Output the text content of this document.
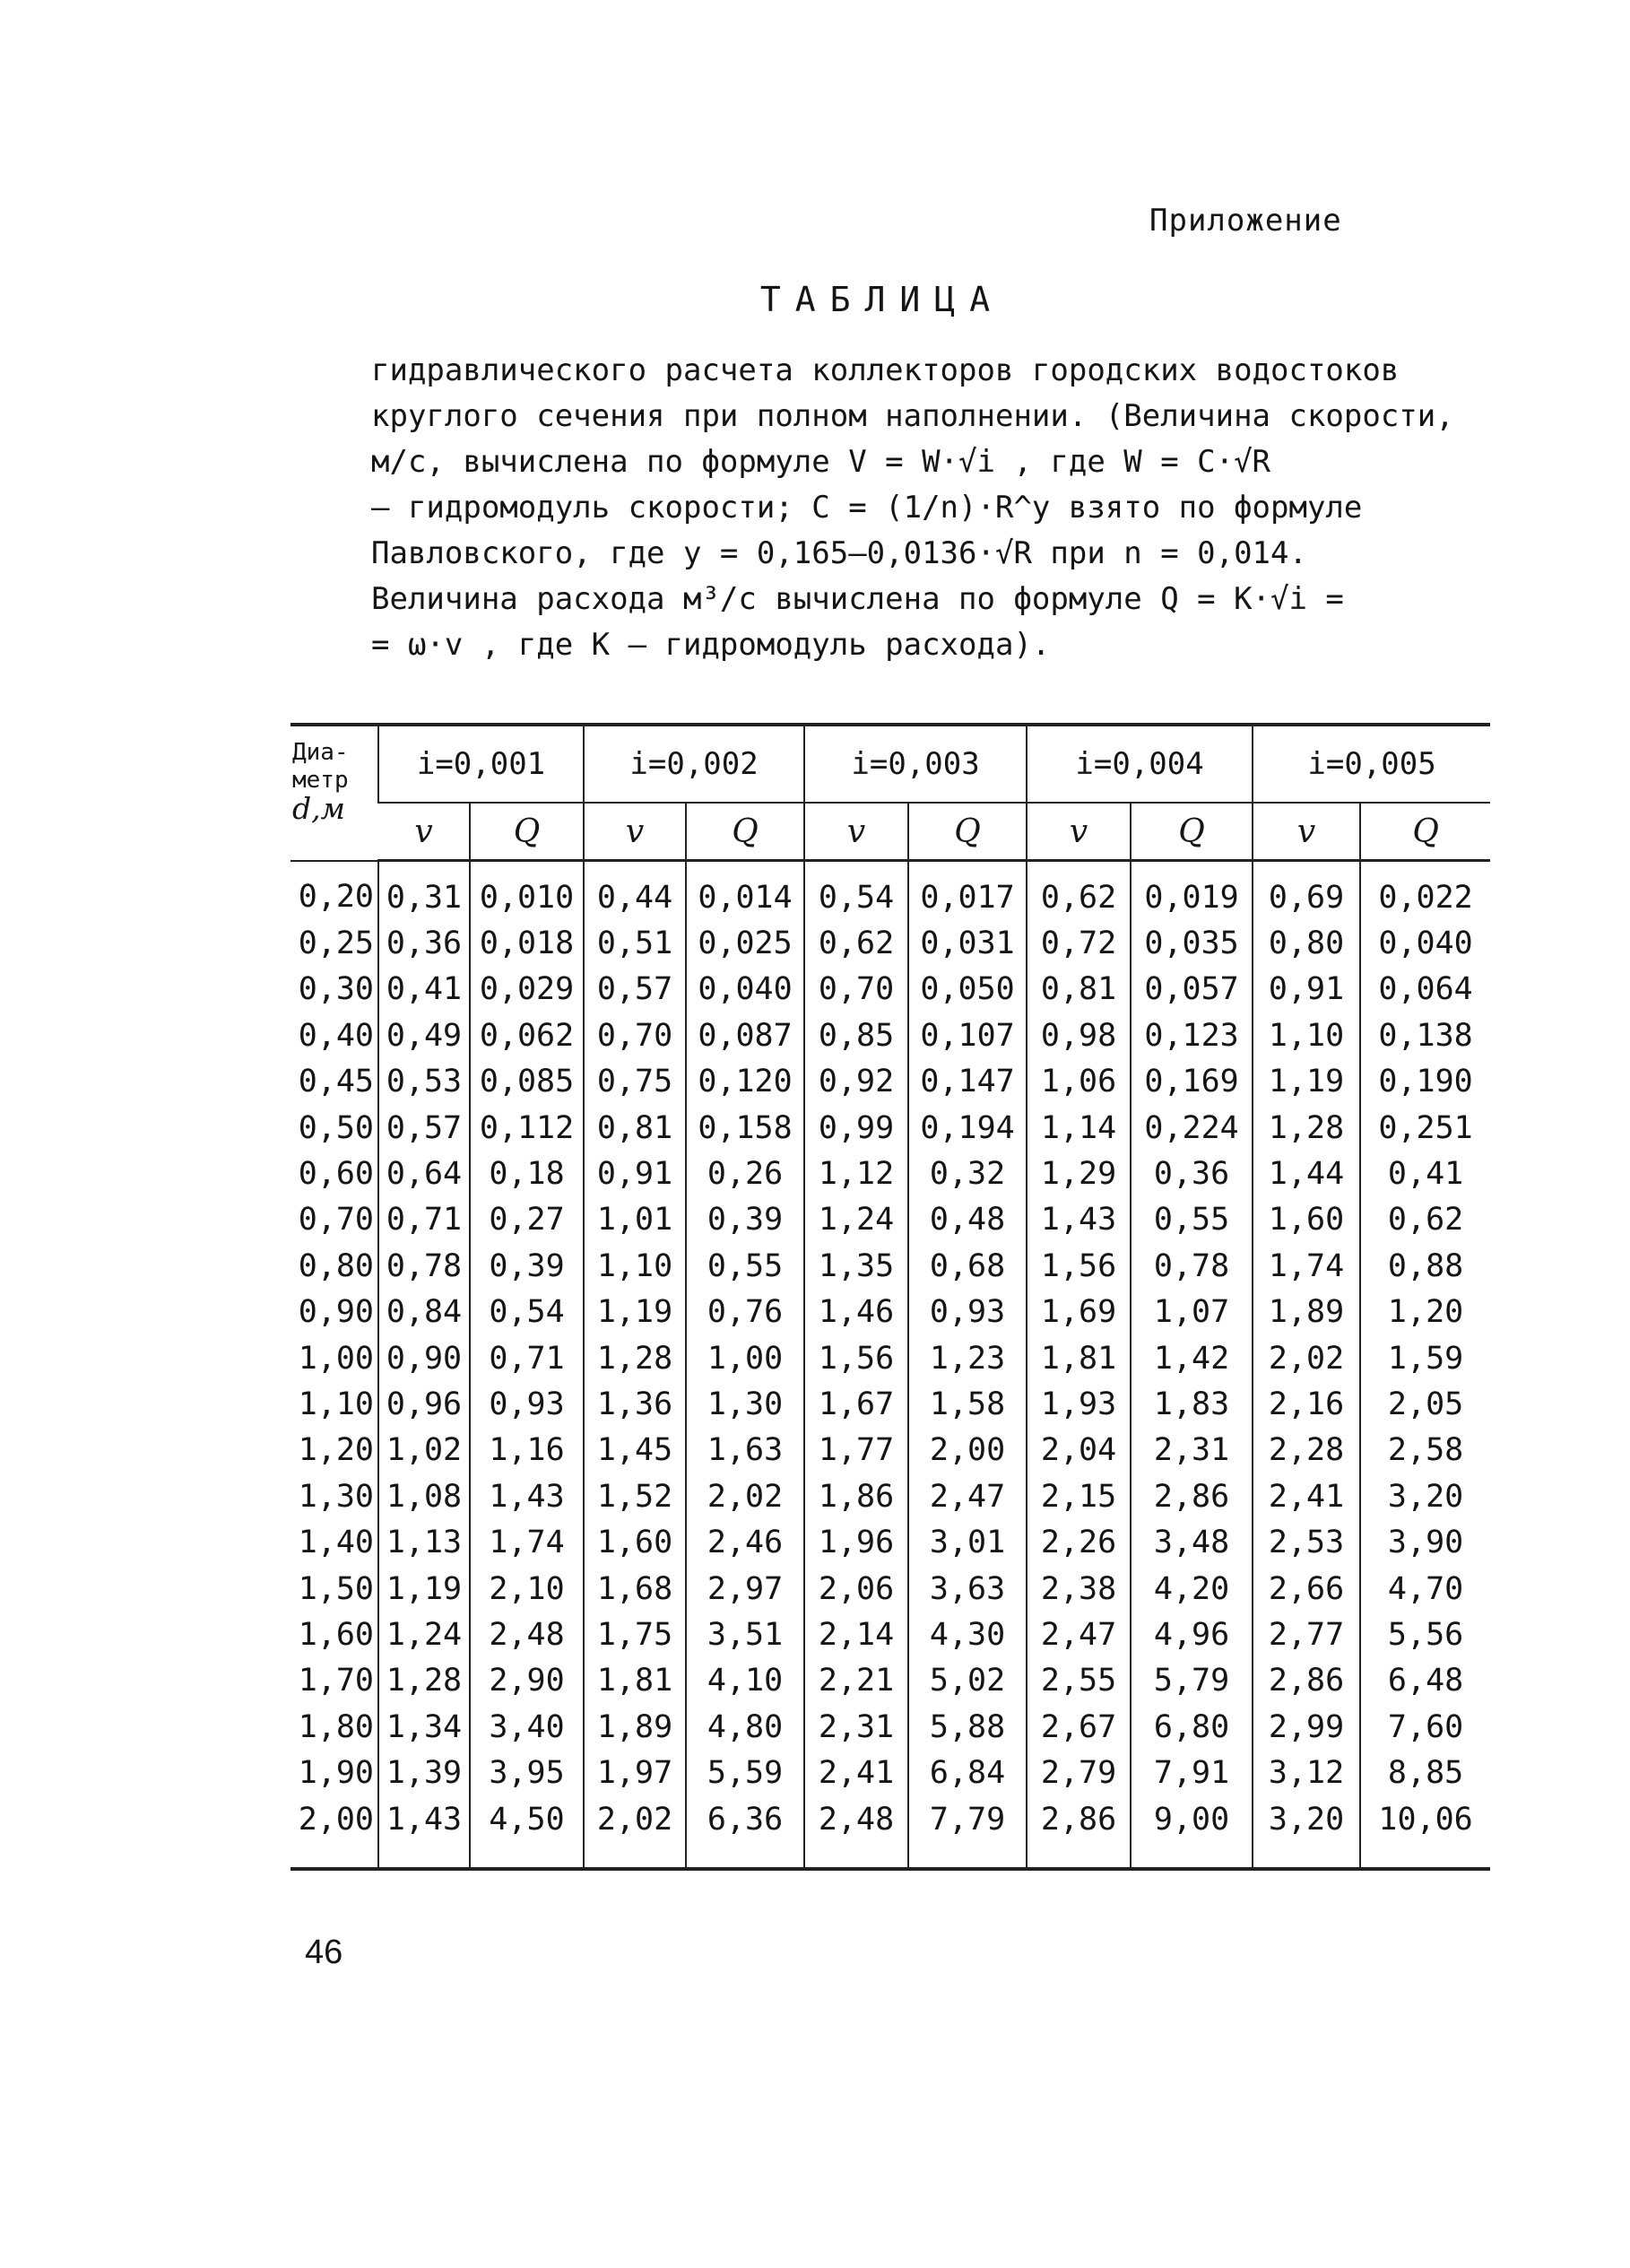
Приложение
ТАБЛИЦА

гидравлического расчета коллекторов городских водостоков

круглого сечения при полном наполнении. (Величина скорости,

м/с, вычислена по формуле V = W·√i , где W = C·√R

– гидромодуль скорости; C = (1/n)·R^y взято по формуле

Павловского, где y = 0,165–0,0136·√R при n = 0,014.

Величина расхода м³/с вычислена по формуле Q = K·√i =

= ω·v , где K – гидромодуль расхода).

Диа-
метр
d,м	i=0,001		i=0,002		i=0,003		i=0,004		i=0,005	
	v	Q	v	Q	v	Q	v	Q	v	Q
0,20	0,31	0,010	0,44	0,014	0,54	0,017	0,62	0,019	0,69	0,022
0,25	0,36	0,018	0,51	0,025	0,62	0,031	0,72	0,035	0,80	0,040
0,30	0,41	0,029	0,57	0,040	0,70	0,050	0,81	0,057	0,91	0,064
0,40	0,49	0,062	0,70	0,087	0,85	0,107	0,98	0,123	1,10	0,138
0,45	0,53	0,085	0,75	0,120	0,92	0,147	1,06	0,169	1,19	0,190
0,50	0,57	0,112	0,81	0,158	0,99	0,194	1,14	0,224	1,28	0,251
0,60	0,64	0,18	0,91	0,26	1,12	0,32	1,29	0,36	1,44	0,41
0,70	0,71	0,27	1,01	0,39	1,24	0,48	1,43	0,55	1,60	0,62
0,80	0,78	0,39	1,10	0,55	1,35	0,68	1,56	0,78	1,74	0,88
0,90	0,84	0,54	1,19	0,76	1,46	0,93	1,69	1,07	1,89	1,20
1,00	0,90	0,71	1,28	1,00	1,56	1,23	1,81	1,42	2,02	1,59
1,10	0,96	0,93	1,36	1,30	1,67	1,58	1,93	1,83	2,16	2,05
1,20	1,02	1,16	1,45	1,63	1,77	2,00	2,04	2,31	2,28	2,58
1,30	1,08	1,43	1,52	2,02	1,86	2,47	2,15	2,86	2,41	3,20
1,40	1,13	1,74	1,60	2,46	1,96	3,01	2,26	3,48	2,53	3,90
1,50	1,19	2,10	1,68	2,97	2,06	3,63	2,38	4,20	2,66	4,70
1,60	1,24	2,48	1,75	3,51	2,14	4,30	2,47	4,96	2,77	5,56
1,70	1,28	2,90	1,81	4,10	2,21	5,02	2,55	5,79	2,86	6,48
1,80	1,34	3,40	1,89	4,80	2,31	5,88	2,67	6,80	2,99	7,60
1,90	1,39	3,95	1,97	5,59	2,41	6,84	2,79	7,91	3,12	8,85
2,00	1,43	4,50	2,02	6,36	2,48	7,79	2,86	9,00	3,20	10,06
46
